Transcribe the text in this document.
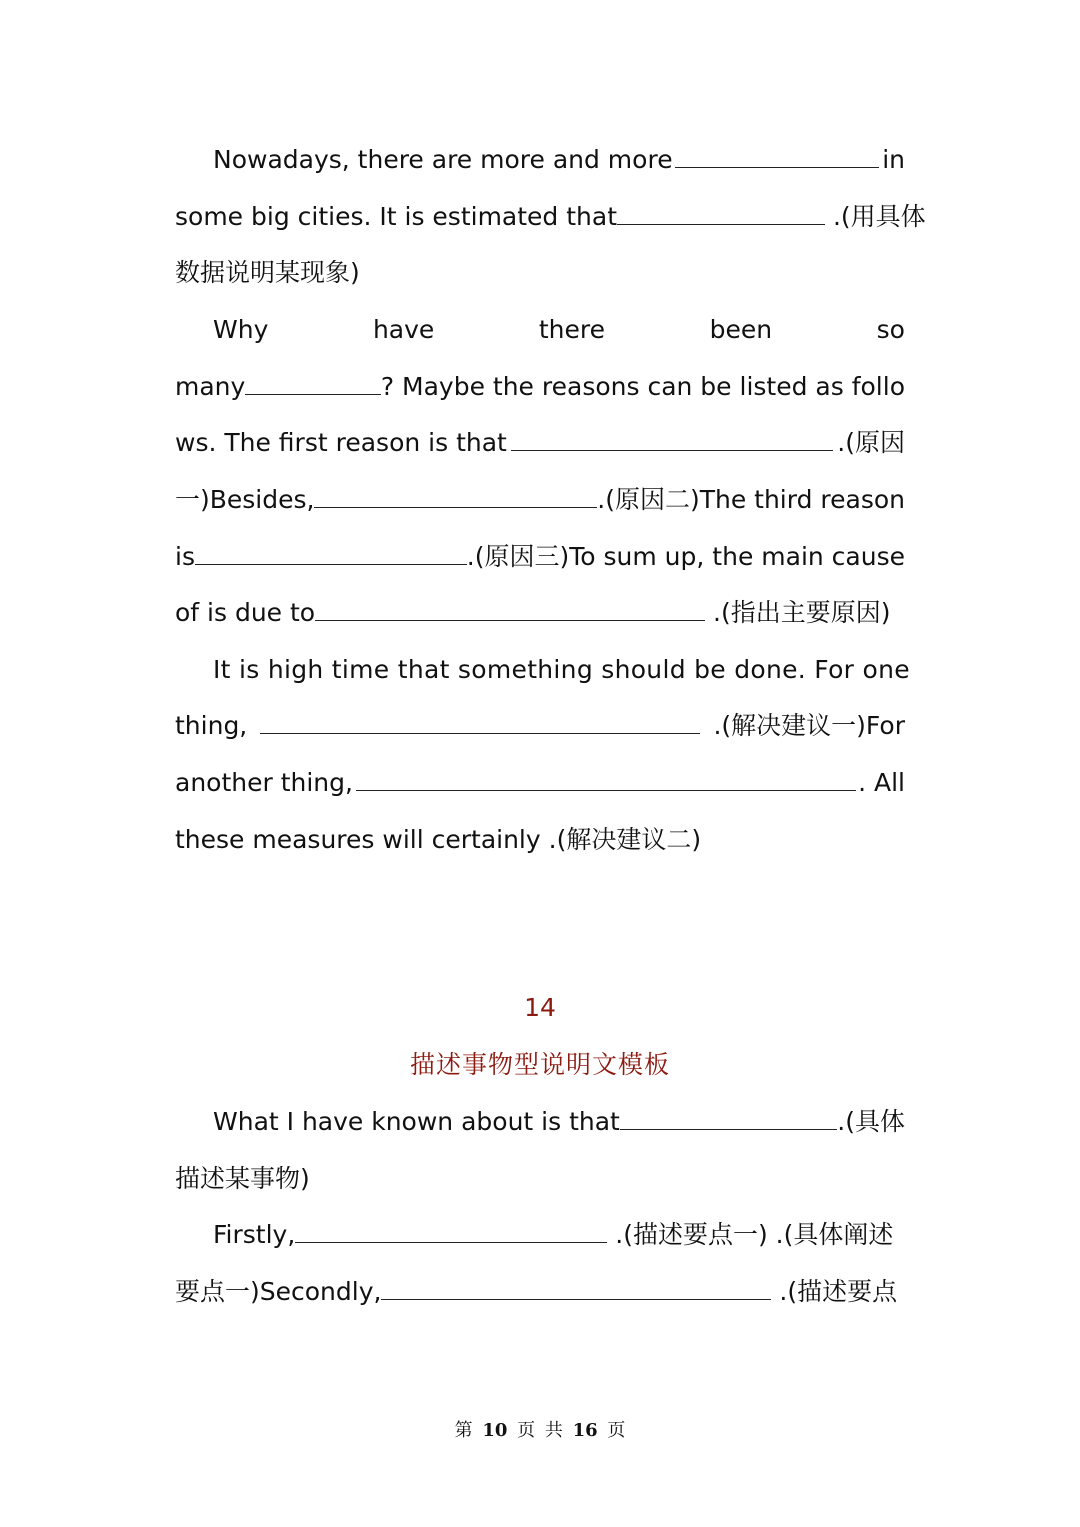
Nowadays, there are more and more	in
some big cities. It is estimated that	.(用具体
数据说明某现象)
Why	have	there	been	so
many	? Maybe the reasons can be listed as follo
ws. The first reason is that	.(原因
一)Besides,	.(原因二)The third reason
is	.(原因三)To sum up, the main cause
of is due to	.(指出主要原因)
It is high time that something should be done. For one
thing,	.(解决建议一)For
another thing,	. All
these measures will certainly .(解决建议二)
14
描述事物型说明文模板
What I have known about is that	.(具体
描述某事物)
Firstly,	.(描述要点一) .(具体阐述
要点一)Secondly,	.(描述要点
第 10 页 共 16 页
